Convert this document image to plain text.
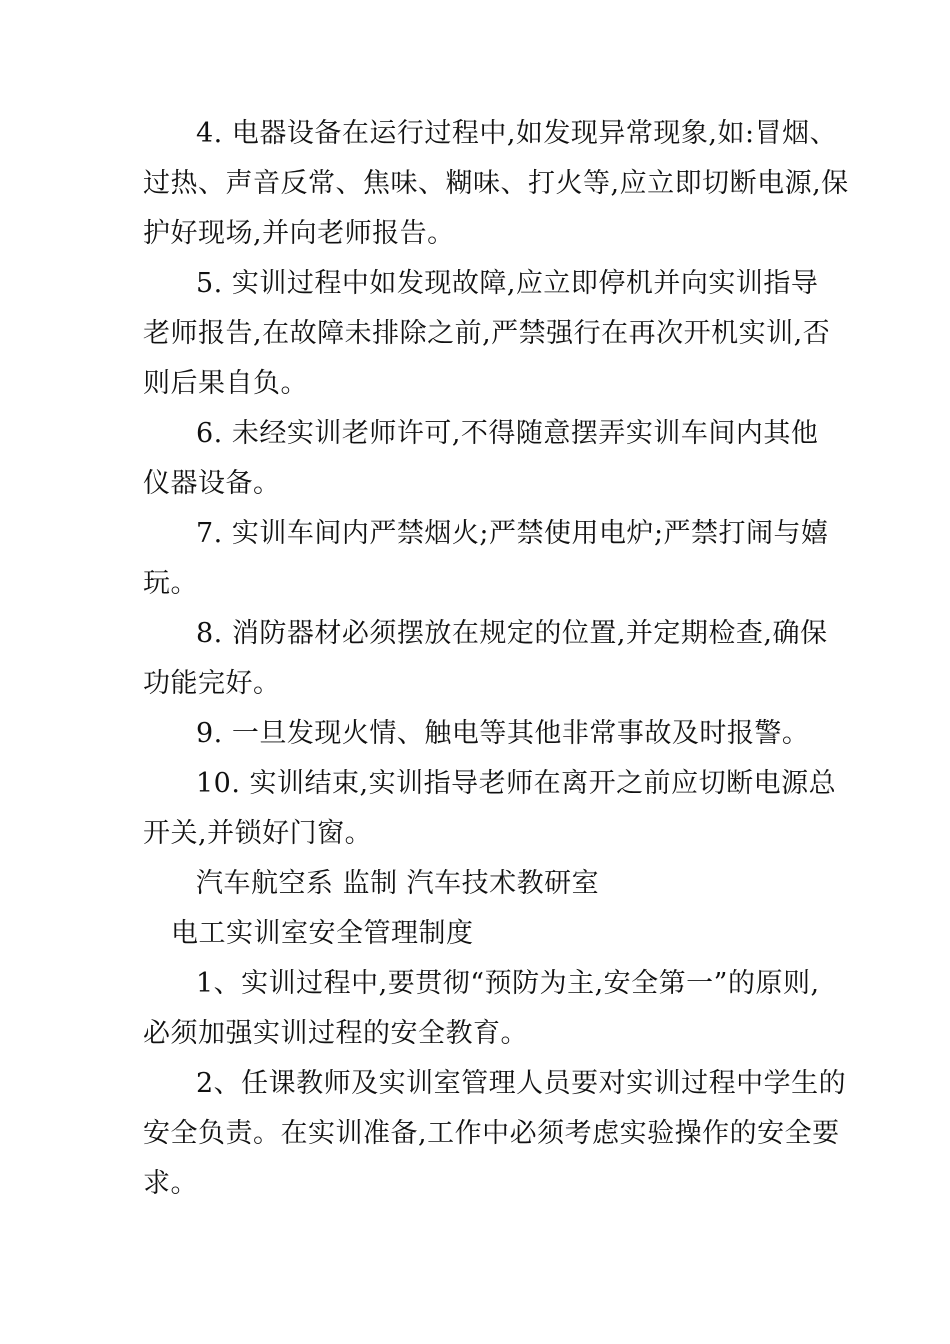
4. 电器设备在运行过程中,如发现异常现象,如:冒烟、
过热、声音反常、焦味、糊味、打火等,应立即切断电源,保
护好现场,并向老师报告。
5. 实训过程中如发现故障,应立即停机并向实训指导
老师报告,在故障未排除之前,严禁强行在再次开机实训,否
则后果自负。
6. 未经实训老师许可,不得随意摆弄实训车间内其他
仪器设备。
7. 实训车间内严禁烟火;严禁使用电炉;严禁打闹与嬉
玩。
8. 消防器材必须摆放在规定的位置,并定期检查,确保
功能完好。
9. 一旦发现火情、触电等其他非常事故及时报警。
10. 实训结束,实训指导老师在离开之前应切断电源总
开关,并锁好门窗。
汽车航空系 监制 汽车技术教研室
电工实训室安全管理制度
1、实训过程中,要贯彻“预防为主,安全第一”的原则,
必须加强实训过程的安全教育。
2、任课教师及实训室管理人员要对实训过程中学生的
安全负责。在实训准备,工作中必须考虑实验操作的安全要
求。
